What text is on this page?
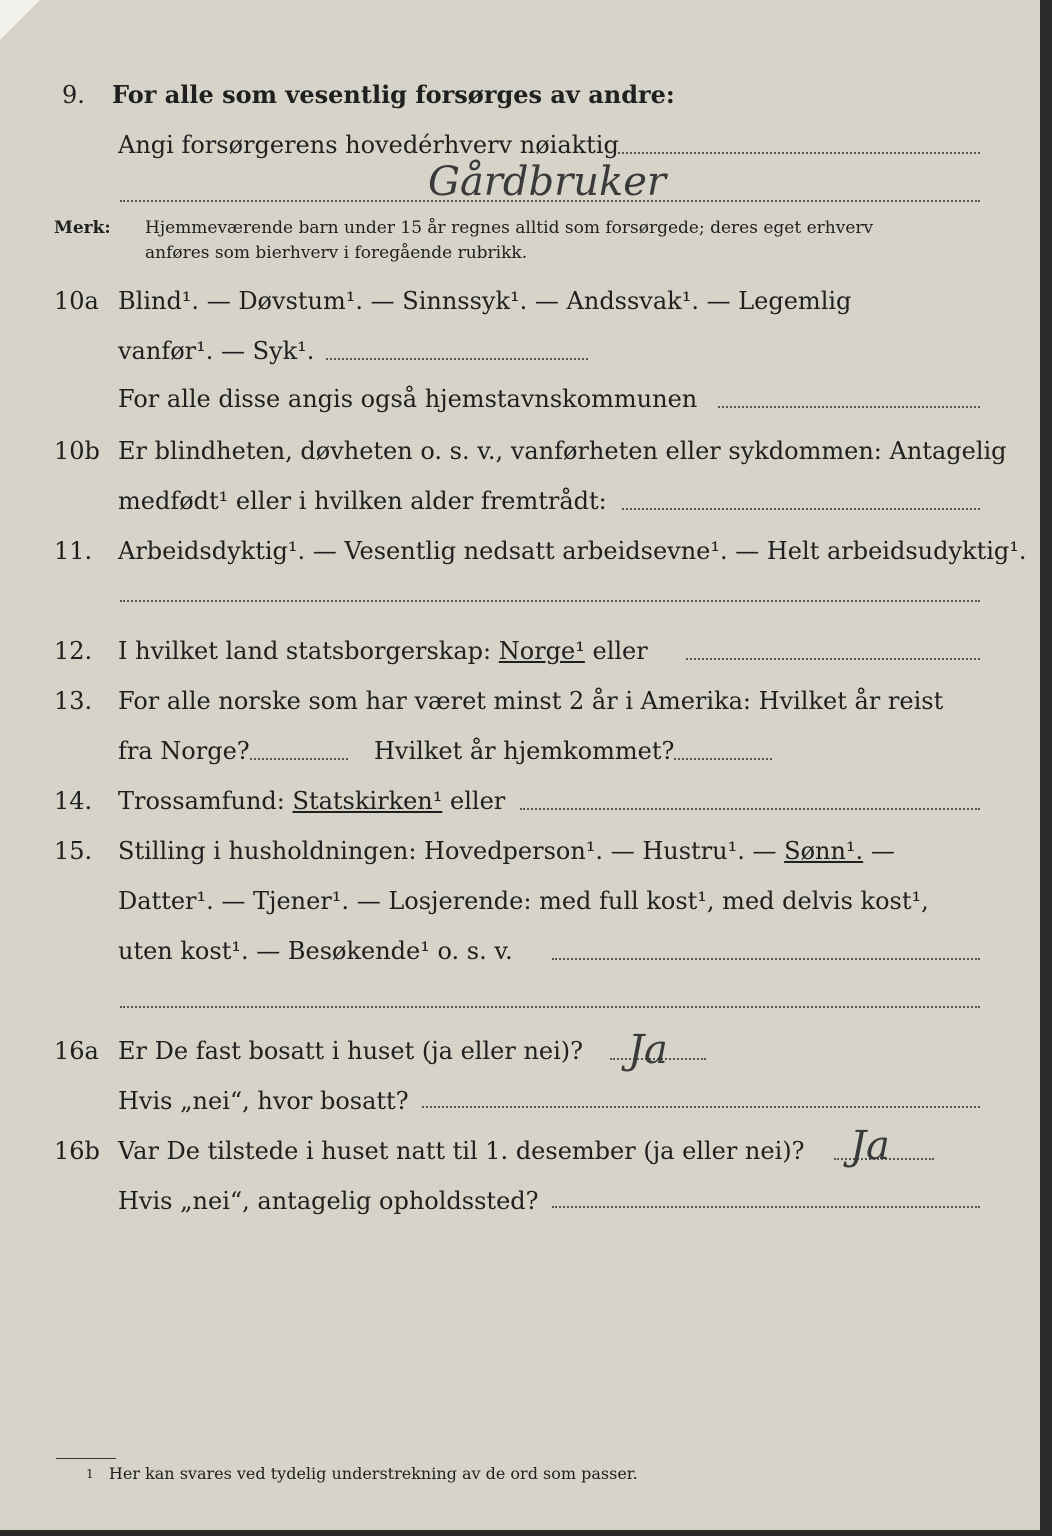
9. For alle som vesentlig forsørges av andre:
Angi forsørgerens hovedérhverv nøiaktig
Gårdbruker
Merk: Hjemmeværende barn under 15 år regnes alltid som forsørgede; deres eget erhverv
anføres som bierhverv i foregående rubrikk.
10a Blind¹. — Døvstum¹. — Sinnssyk¹. — Andssvak¹. — Legemlig
vanfør¹. — Syk¹.
For alle disse angis også hjemstavnskommunen
10b Er blindheten, døvheten o. s. v., vanførheten eller sykdommen: Antagelig
medfødt¹ eller i hvilken alder fremtrådt:
11. Arbeidsdyktig¹. — Vesentlig nedsatt arbeidsevne¹. — Helt arbeidsudyktig¹.
12. I hvilket land statsborgerskap: Norge¹ eller
13. For alle norske som har været minst 2 år i Amerika: Hvilket år reist
fra Norge?	Hvilket år hjemkommet?
14. Trossamfund: Statskirken¹ eller
15. Stilling i husholdningen: Hovedperson¹. — Hustru¹. — Sønn¹. —
Datter¹. — Tjener¹. — Losjerende: med full kost¹, med delvis kost¹,
uten kost¹. — Besøkende¹ o. s. v.
16a Er De fast bosatt i huset (ja eller nei)? Ja
Hvis „nei“, hvor bosatt?
16b Var De tilstede i huset natt til 1. desember (ja eller nei)? Ja
Hvis „nei“, antagelig opholdssted?
$^1$ Her kan svares ved tydelig understrekning av de ord som passer.
